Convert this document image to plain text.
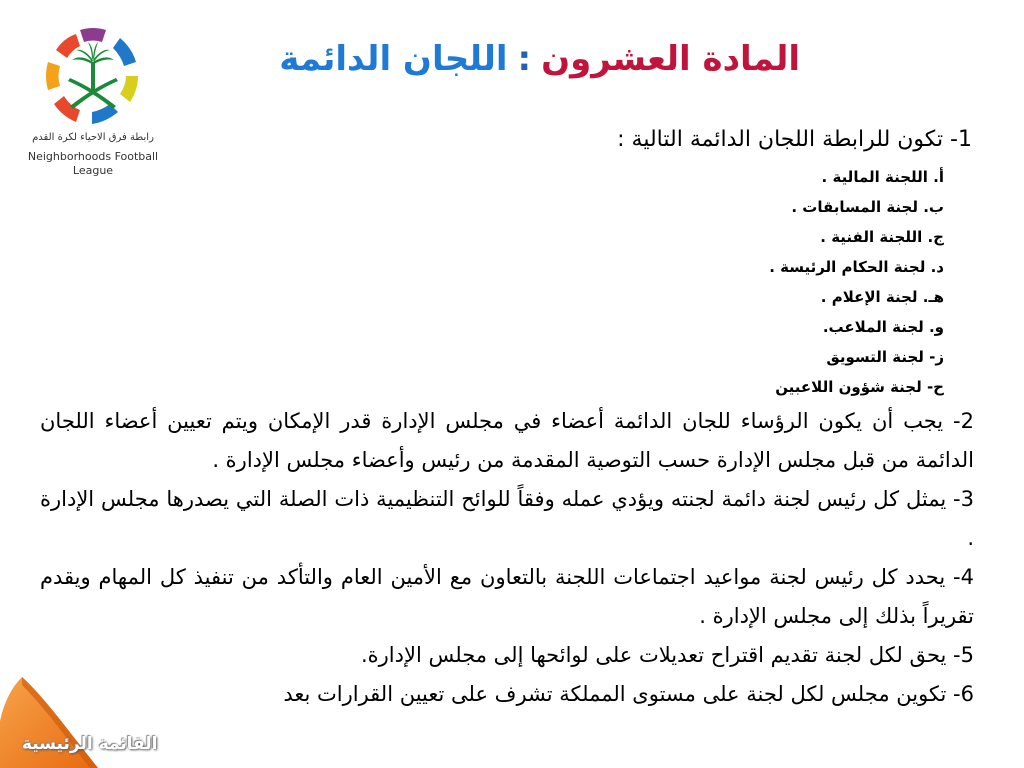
رابطة فرق الاحياء لكرة القدم
Neighborhoods Football League
المادة العشرون:اللجان الدائمة

1- تكون للرابطة اللجان الدائمة التالية :

أ. اللجنة المالية .
ب. لجنة المسابقات .
ج. اللجنة الفنية .
د. لجنة الحكام الرئيسة .
هـ. لجنة الإعلام .
و. لجنة الملاعب.
ز- لجنة التسويق
ح- لجنة شؤون اللاعبين

2- يجب أن يكون الرؤساء للجان الدائمة أعضاء في مجلس الإدارة قدر الإمكان ويتم تعيين أعضاء اللجان الدائمة من قبل مجلس الإدارة حسب التوصية المقدمة من رئيس وأعضاء مجلس الإدارة .

3- يمثل كل رئيس لجنة دائمة لجنته ويؤدي عمله وفقاً للوائح التنظيمية ذات الصلة التي يصدرها مجلس الإدارة .

4- يحدد كل رئيس لجنة مواعيد اجتماعات اللجنة بالتعاون مع الأمين العام والتأكد من تنفيذ كل المهام ويقدم تقريراً بذلك إلى مجلس الإدارة .

5- يحق لكل لجنة تقديم اقتراح تعديلات على لوائحها إلى مجلس الإدارة.

6- تكوين مجلس لكل لجنة على مستوى المملكة تشرف على تعيين القرارات بعد

القائمة الرئيسية
